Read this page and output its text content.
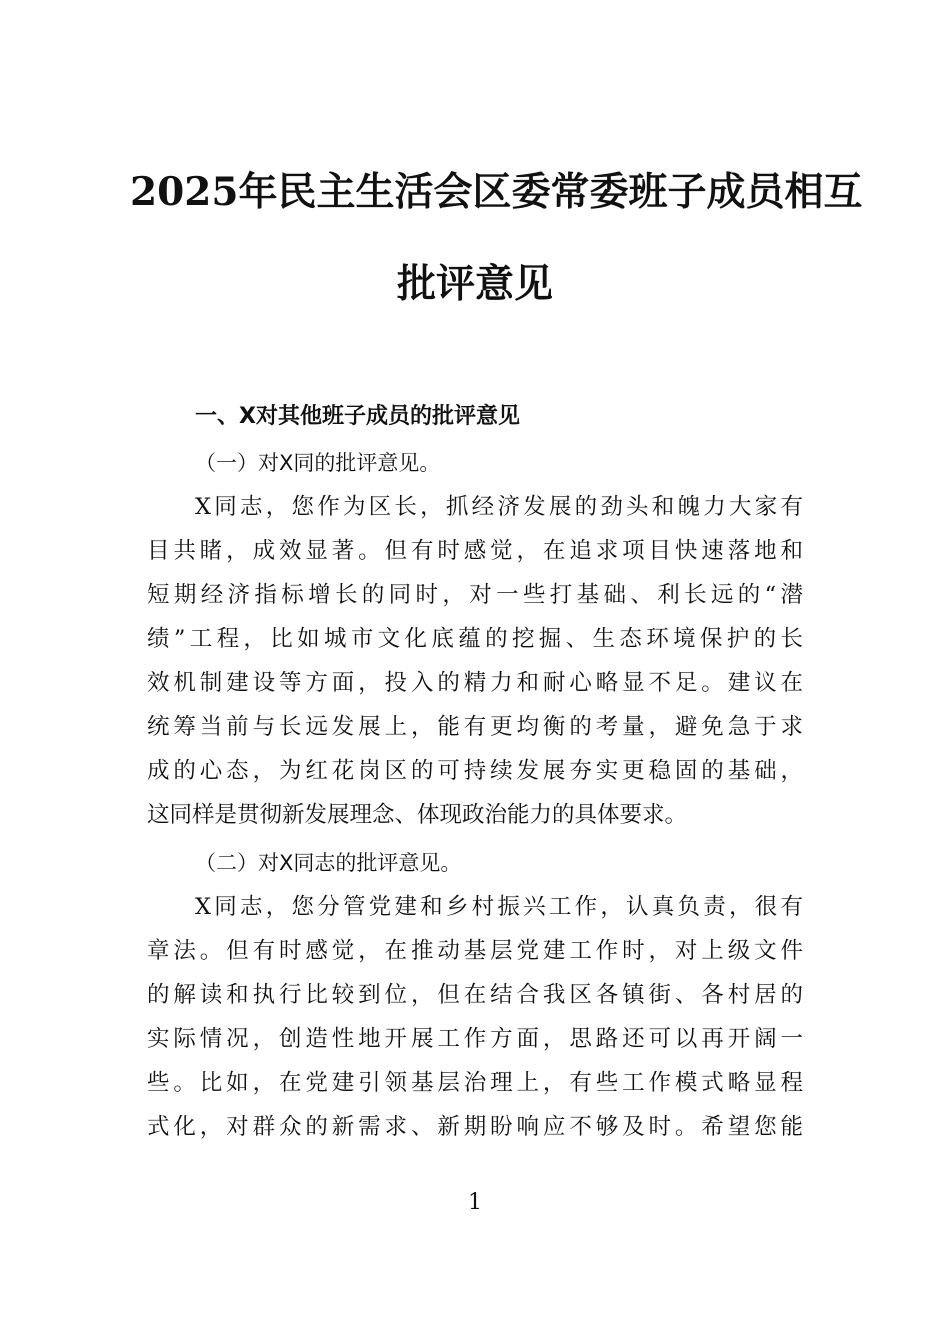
2025年民主生活会区委常委班子成员相互
批评意见
一、X对其他班子成员的批评意见
（一）对X同的批评意见。
X同志，您作为区长，抓经济发展的劲头和魄力大家有
目共睹，成效显著。但有时感觉，在追求项目快速落地和
短期经济指标增长的同时，对一些打基础、利长远的“潜
绩”工程，比如城市文化底蕴的挖掘、生态环境保护的长
效机制建设等方面，投入的精力和耐心略显不足。建议在
统筹当前与长远发展上，能有更均衡的考量，避免急于求
成的心态，为红花岗区的可持续发展夯实更稳固的基础，
这同样是贯彻新发展理念、体现政治能力的具体要求。
（二）对X同志的批评意见。
X同志，您分管党建和乡村振兴工作，认真负责，很有
章法。但有时感觉，在推动基层党建工作时，对上级文件
的解读和执行比较到位，但在结合我区各镇街、各村居的
实际情况，创造性地开展工作方面，思路还可以再开阔一
些。比如，在党建引领基层治理上，有些工作模式略显程
式化，对群众的新需求、新期盼响应不够及时。希望您能
1
